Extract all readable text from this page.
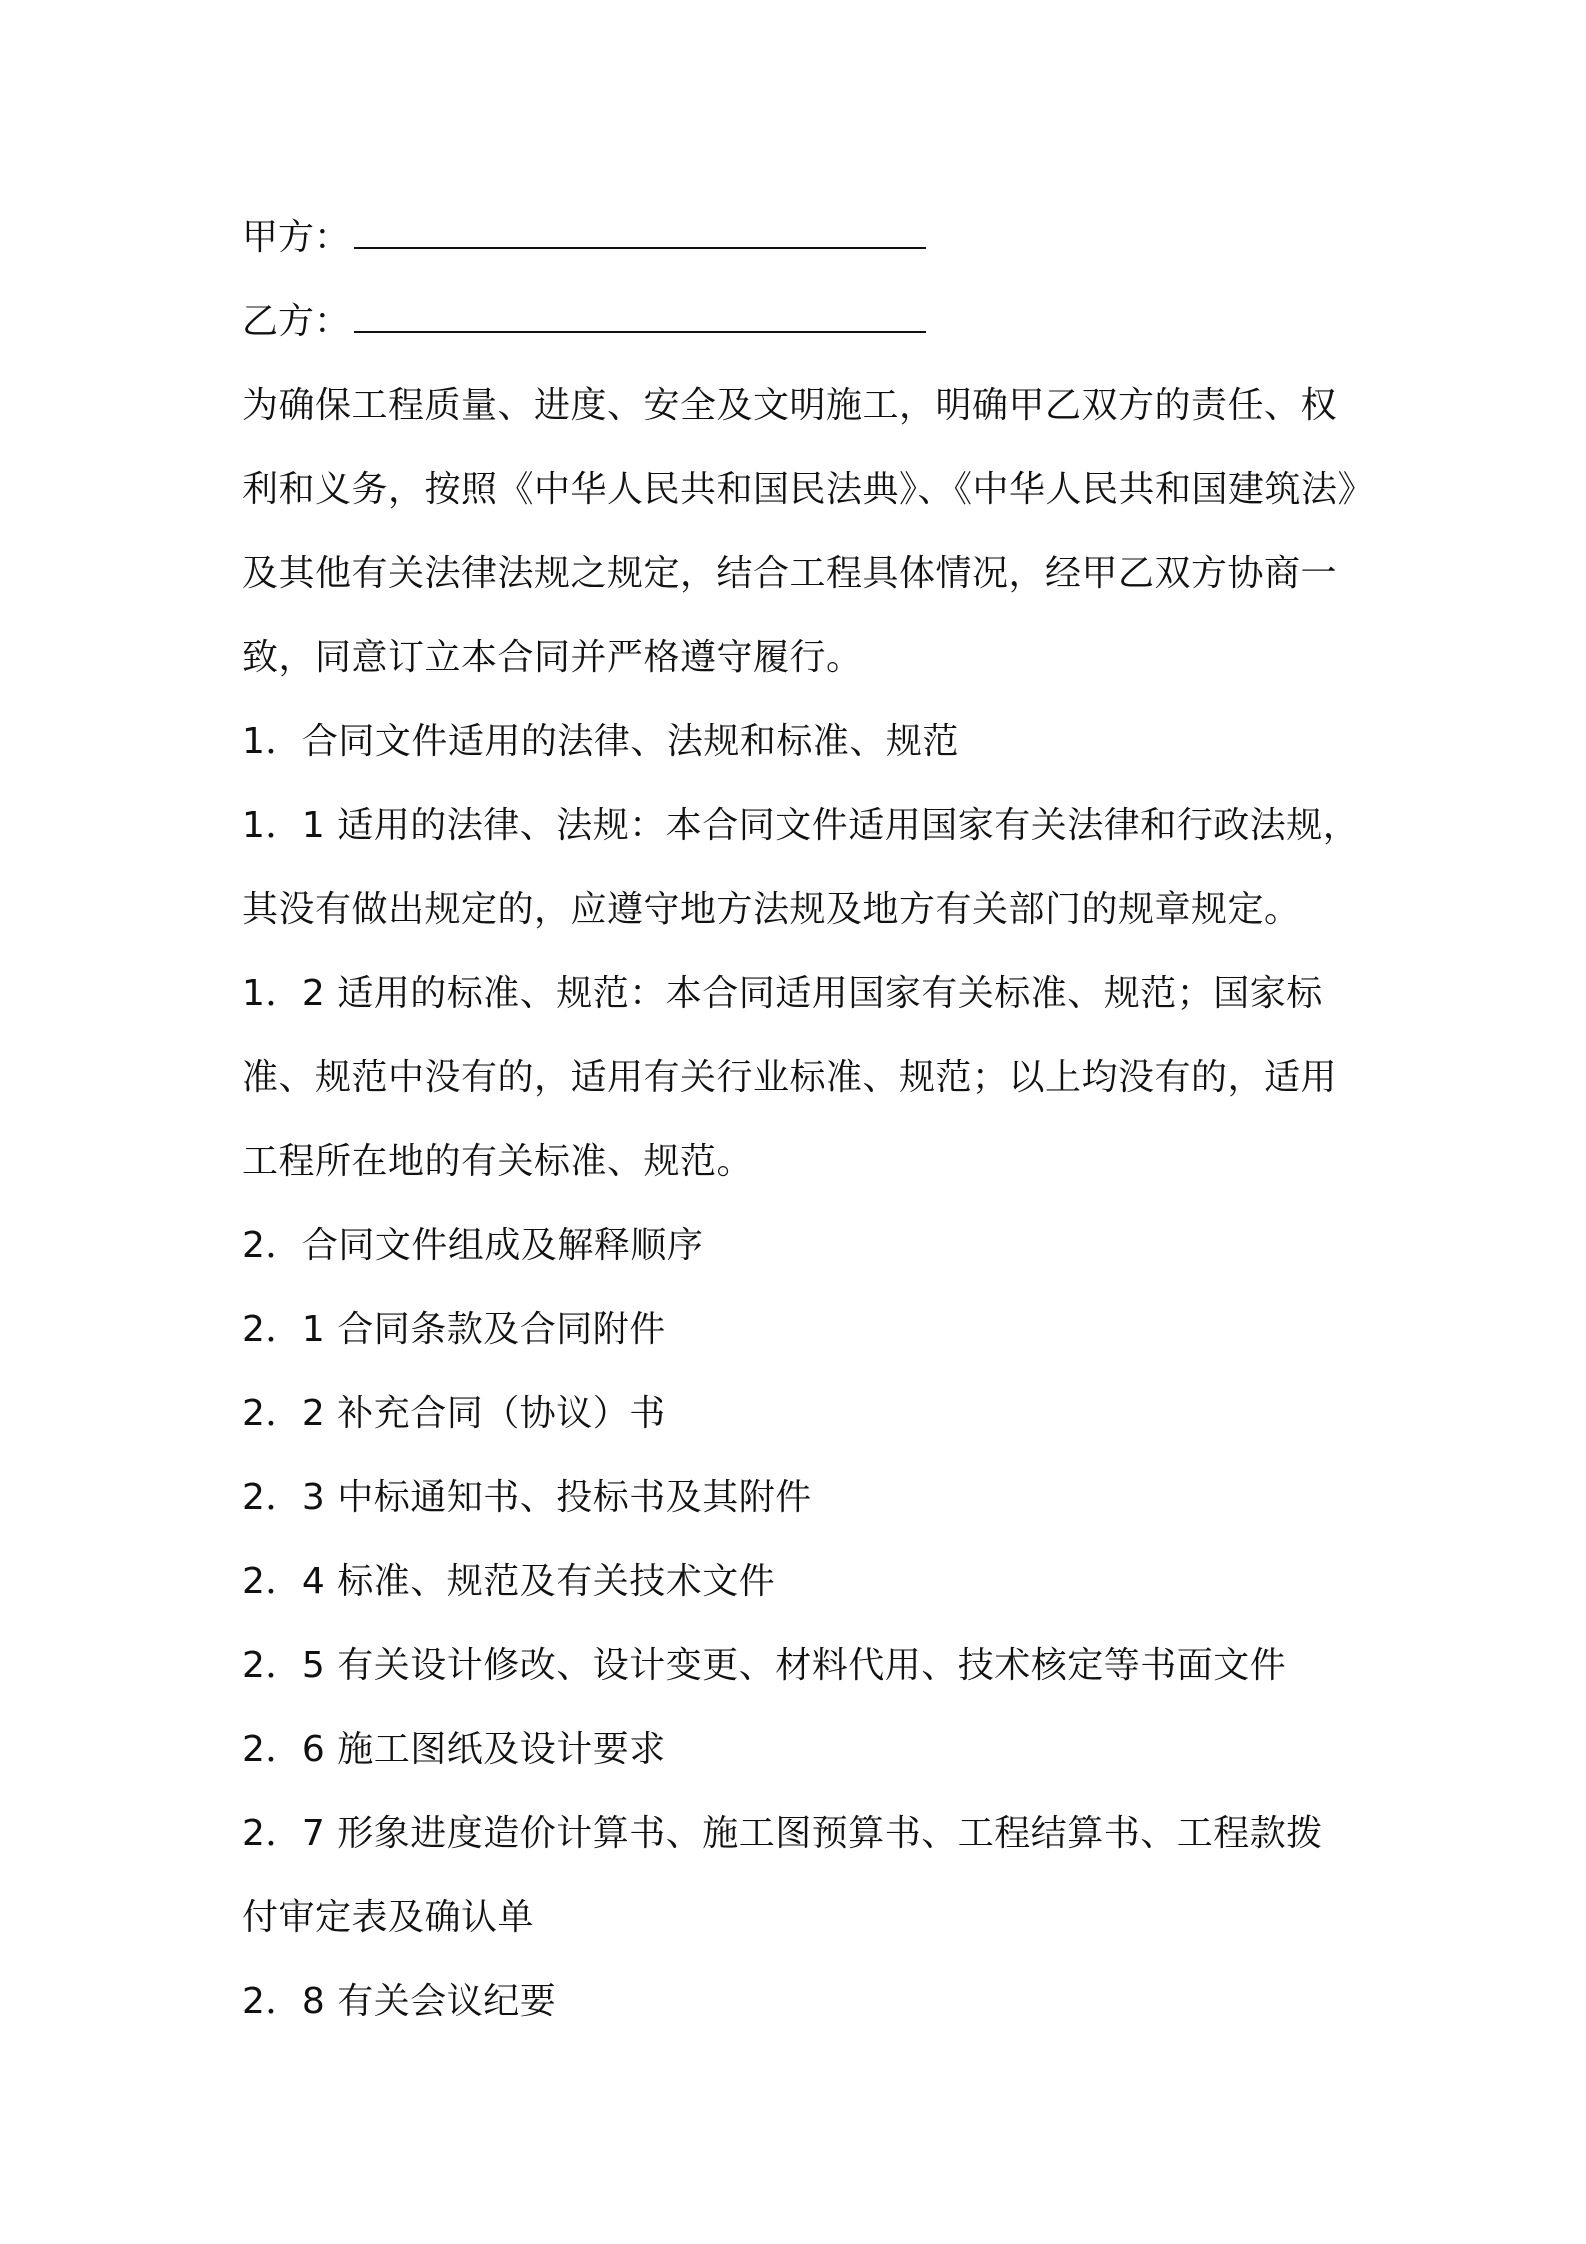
甲方：
乙方：
为确保工程质量、进度、安全及文明施工，明确甲乙双方的责任、权
利和义务，按照《中华人民共和国民法典》、《中华人民共和国建筑法》
及其他有关法律法规之规定，结合工程具体情况，经甲乙双方协商一
致，同意订立本合同并严格遵守履行。
1．合同文件适用的法律、法规和标准、规范
1．1 适用的法律、法规：本合同文件适用国家有关法律和行政法规，
其没有做出规定的，应遵守地方法规及地方有关部门的规章规定。
1．2 适用的标准、规范：本合同适用国家有关标准、规范；国家标
准、规范中没有的，适用有关行业标准、规范；以上均没有的，适用
工程所在地的有关标准、规范。
2．合同文件组成及解释顺序
2．1 合同条款及合同附件
2．2 补充合同（协议）书
2．3 中标通知书、投标书及其附件
2．4 标准、规范及有关技术文件
2．5 有关设计修改、设计变更、材料代用、技术核定等书面文件
2．6 施工图纸及设计要求
2．7 形象进度造价计算书、施工图预算书、工程结算书、工程款拨
付审定表及确认单
2．8 有关会议纪要
